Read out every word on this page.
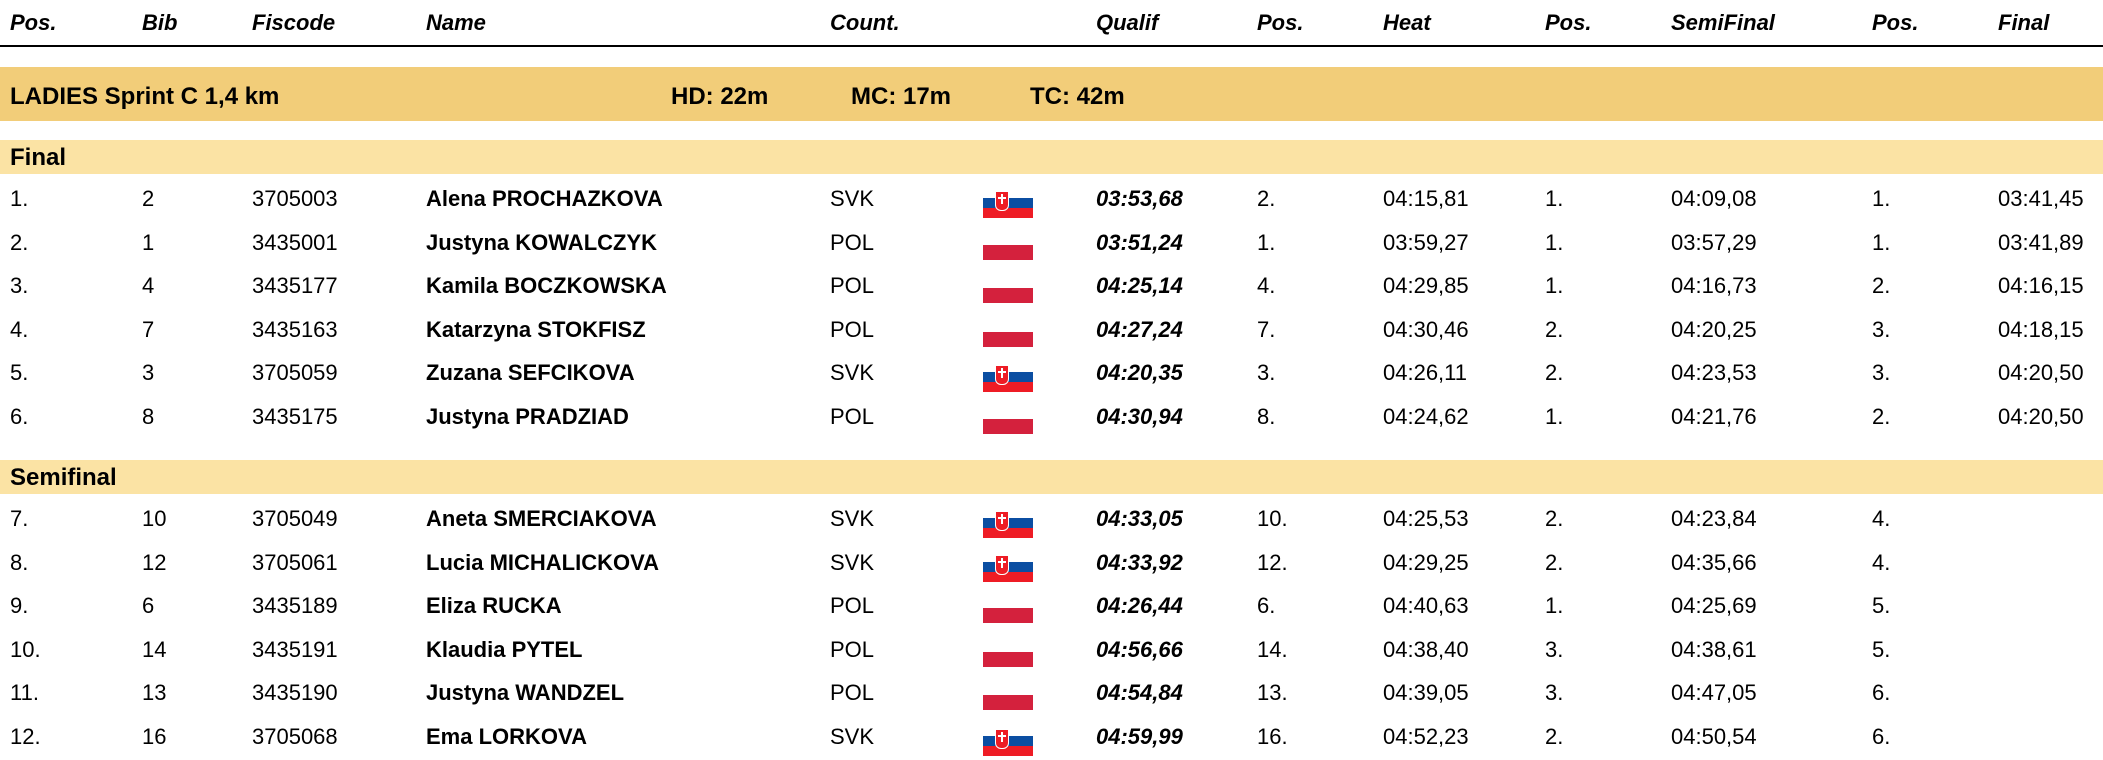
Pos.	Bib	Fiscode	Name	Count.	Qualif	Pos.	Heat	Pos.	SemiFinal	Pos.	Final
LADIES Sprint C 1,4 km	HD: 22m	MC: 17m	TC: 42m
Final
1.	2	3705003	Alena PROCHAZKOVA	SVK	03:53,68	2.	04:15,81	1.	04:09,08	1.	03:41,45
2.	1	3435001	Justyna KOWALCZYK	POL	03:51,24	1.	03:59,27	1.	03:57,29	1.	03:41,89
3.	4	3435177	Kamila BOCZKOWSKA	POL	04:25,14	4.	04:29,85	1.	04:16,73	2.	04:16,15
4.	7	3435163	Katarzyna STOKFISZ	POL	04:27,24	7.	04:30,46	2.	04:20,25	3.	04:18,15
5.	3	3705059	Zuzana SEFCIKOVA	SVK	04:20,35	3.	04:26,11	2.	04:23,53	3.	04:20,50
6.	8	3435175	Justyna PRADZIAD	POL	04:30,94	8.	04:24,62	1.	04:21,76	2.	04:20,50
Semifinal
7.	10	3705049	Aneta SMERCIAKOVA	SVK	04:33,05	10.	04:25,53	2.	04:23,84	4.
8.	12	3705061	Lucia MICHALICKOVA	SVK	04:33,92	12.	04:29,25	2.	04:35,66	4.
9.	6	3435189	Eliza RUCKA	POL	04:26,44	6.	04:40,63	1.	04:25,69	5.
10.	14	3435191	Klaudia PYTEL	POL	04:56,66	14.	04:38,40	3.	04:38,61	5.
11.	13	3435190	Justyna WANDZEL	POL	04:54,84	13.	04:39,05	3.	04:47,05	6.
12.	16	3705068	Ema LORKOVA	SVK	04:59,99	16.	04:52,23	2.	04:50,54	6.
